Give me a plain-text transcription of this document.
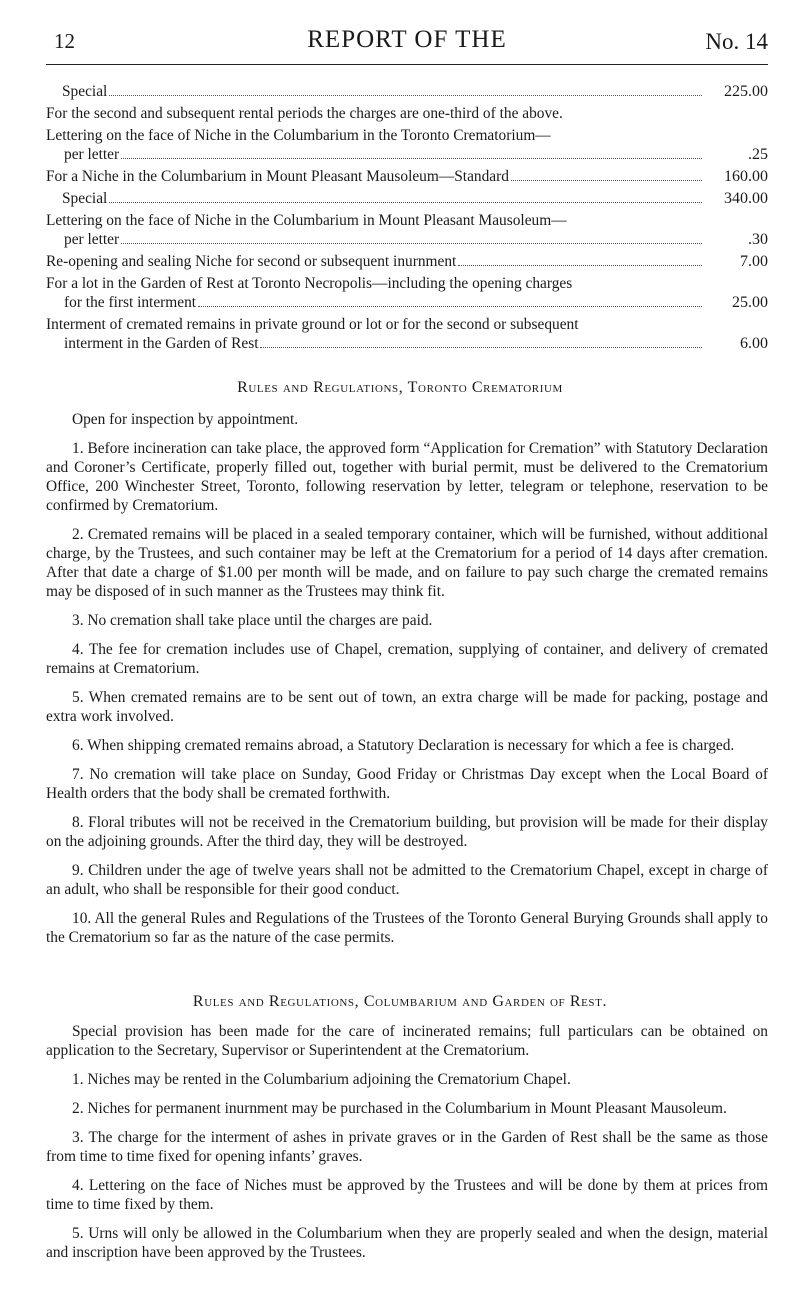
12	REPORT OF THE	No. 14
Special	225.00
For the second and subsequent rental periods the charges are one-third of the above.
Lettering on the face of Niche in the Columbarium in the Toronto Crematorium—
per letter	.25
For a Niche in the Columbarium in Mount Pleasant Mausoleum—Standard	160.00
Special	340.00
Lettering on the face of Niche in the Columbarium in Mount Pleasant Mausoleum—
per letter	.30
Re-opening and sealing Niche for second or subsequent inurnment	7.00
For a lot in the Garden of Rest at Toronto Necropolis—including the opening charges
for the first interment	25.00
Interment of cremated remains in private ground or lot or for the second or subsequent
interment in the Garden of Rest	6.00
Rules and Regulations, Toronto Crematorium

Open for inspection by appointment.

1. Before incineration can take place, the approved form “Application for Cremation” with Statutory Declaration and Coroner’s Certificate, properly filled out, together with burial permit, must be delivered to the Crematorium Office, 200 Winchester Street, Toronto, following reservation by letter, telegram or telephone, reservation to be confirmed by Crematorium.

2. Cremated remains will be placed in a sealed temporary container, which will be furnished, without additional charge, by the Trustees, and such container may be left at the Crematorium for a period of 14 days after cremation. After that date a charge of $1.00 per month will be made, and on failure to pay such charge the cremated remains may be disposed of in such manner as the Trustees may think fit.

3. No cremation shall take place until the charges are paid.

4. The fee for cremation includes use of Chapel, cremation, supplying of container, and delivery of cremated remains at Crematorium.

5. When cremated remains are to be sent out of town, an extra charge will be made for packing, postage and extra work involved.

6. When shipping cremated remains abroad, a Statutory Declaration is necessary for which a fee is charged.

7. No cremation will take place on Sunday, Good Friday or Christmas Day except when the Local Board of Health orders that the body shall be cremated forthwith.

8. Floral tributes will not be received in the Crematorium building, but provision will be made for their display on the adjoining grounds. After the third day, they will be destroyed.

9. Children under the age of twelve years shall not be admitted to the Crematorium Chapel, except in charge of an adult, who shall be responsible for their good conduct.

10. All the general Rules and Regulations of the Trustees of the Toronto General Burying Grounds shall apply to the Crematorium so far as the nature of the case permits.

Rules and Regulations, Columbarium and Garden of Rest.

Special provision has been made for the care of incinerated remains; full particulars can be obtained on application to the Secretary, Supervisor or Superintendent at the Crematorium.

1. Niches may be rented in the Columbarium adjoining the Crematorium Chapel.

2. Niches for permanent inurnment may be purchased in the Columbarium in Mount Pleasant Mausoleum.

3. The charge for the interment of ashes in private graves or in the Garden of Rest shall be the same as those from time to time fixed for opening infants’ graves.

4. Lettering on the face of Niches must be approved by the Trustees and will be done by them at prices from time to time fixed by them.

5. Urns will only be allowed in the Columbarium when they are properly sealed and when the design, material and inscription have been approved by the Trustees.
